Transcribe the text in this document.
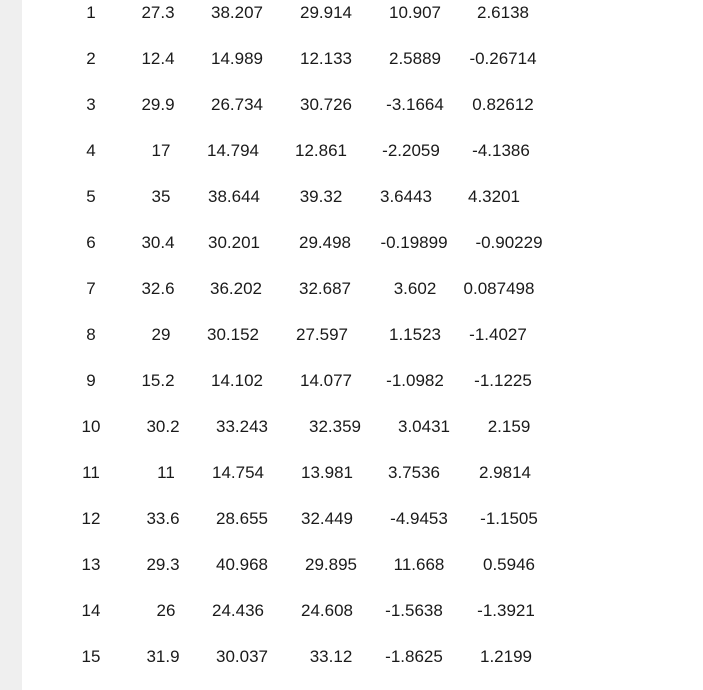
1	27.3 38.207 29.914 10.907 2.6138
2	12.4 14.989 12.133 2.5889 -0.26714
3	29.9 26.734 30.726 -3.1664 0.82612
4	17 14.794 12.861 -2.2059 -4.1386
5	35 38.644 39.32 3.6443 4.3201
6	30.4 30.201 29.498 -0.19899 -0.90229
7	32.6 36.202 32.687	3.602 0.087498
8	29 30.152 27.597 1.1523 -1.4027
9	15.2 14.102 14.077 -1.0982 -1.1225
10	30.2 33.243 32.359 3.0431 2.159
11	11 14.754 13.981 3.7536 2.9814
12	33.6 28.655 32.449 -4.9453 -1.1505
13	29.3 40.968 29.895 11.668 0.5946
14	26 24.436 24.608 -1.5638 -1.3921
15	31.9 30.037 33.12 -1.8625 1.2199
